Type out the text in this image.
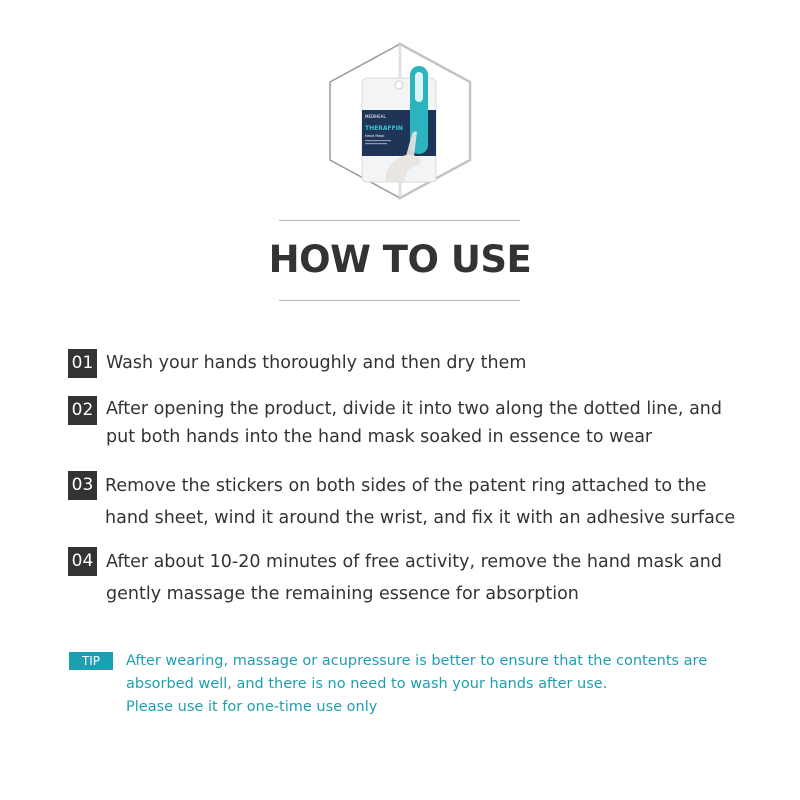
MEDIHEAL
THERAFFIN
Hand Mask
HOW TO USE
01 Wash your hands thoroughly and then dry them

02 After opening the product, divide it into two along the dotted line, and
put both hands into the hand mask soaked in essence to wear

03 Remove the stickers on both sides of the patent ring attached to the
hand sheet, wind it around the wrist, and fix it with an adhesive surface

04 After about 10-20 minutes of free activity, remove the hand mask and
gently massage the remaining essence for absorption

TIP	After wearing, massage or acupressure is better to ensure that the contents are
absorbed well, and there is no need to wash your hands after use.
Please use it for one-time use only
